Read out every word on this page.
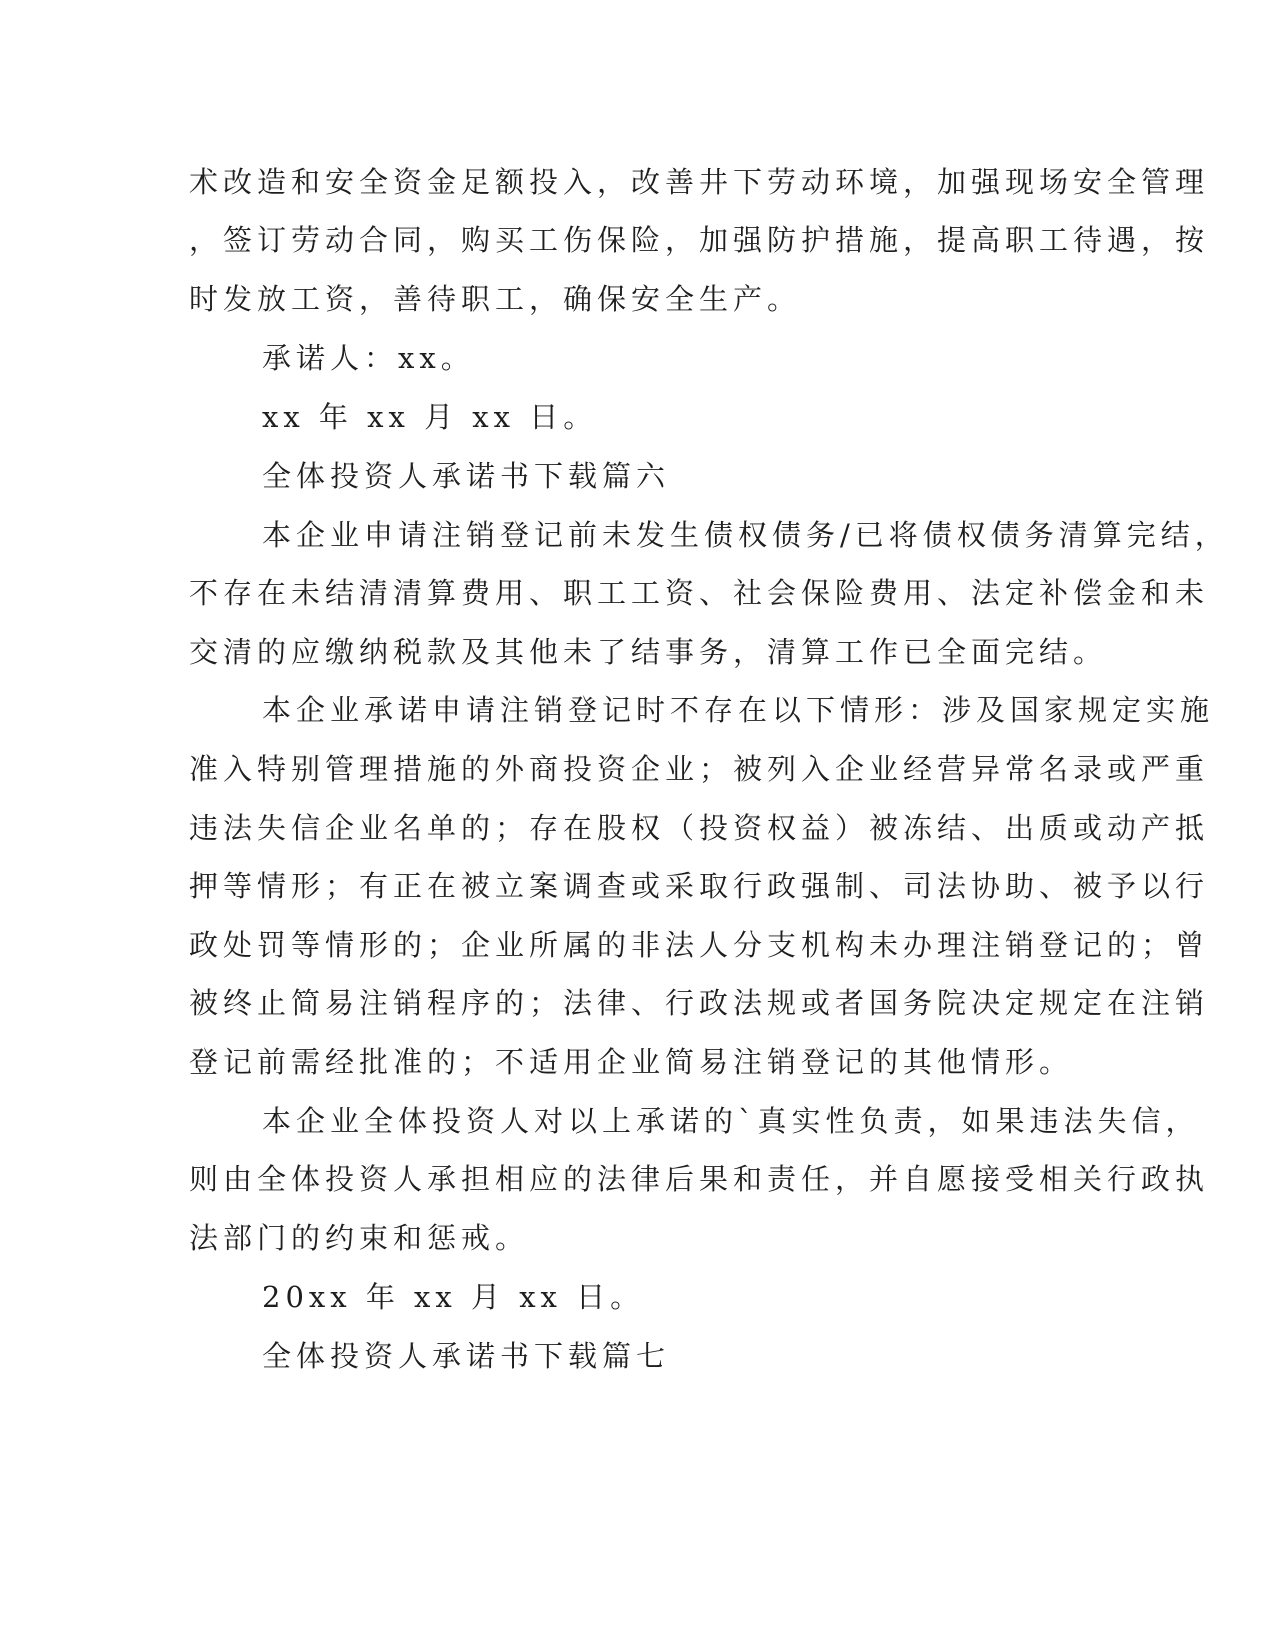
术改造和安全资金足额投入，改善井下劳动环境，加强现场安全管理

，签订劳动合同，购买工伤保险，加强防护措施，提高职工待遇，按

时发放工资，善待职工，确保安全生产。

承诺人：xx。

xx 年 xx 月 xx 日。

全体投资人承诺书下载篇六

本企业申请注销登记前未发生债权债务/已将债权债务清算完结，

不存在未结清清算费用、职工工资、社会保险费用、法定补偿金和未

交清的应缴纳税款及其他未了结事务，清算工作已全面完结。

本企业承诺申请注销登记时不存在以下情形：涉及国家规定实施

准入特别管理措施的外商投资企业；被列入企业经营异常名录或严重

违法失信企业名单的；存在股权（投资权益）被冻结、出质或动产抵

押等情形；有正在被立案调查或采取行政强制、司法协助、被予以行

政处罚等情形的；企业所属的非法人分支机构未办理注销登记的；曾

被终止简易注销程序的；法律、行政法规或者国务院决定规定在注销

登记前需经批准的；不适用企业简易注销登记的其他情形。

本企业全体投资人对以上承诺的`真实性负责，如果违法失信，

则由全体投资人承担相应的法律后果和责任，并自愿接受相关行政执

法部门的约束和惩戒。

20xx 年 xx 月 xx 日。

全体投资人承诺书下载篇七
